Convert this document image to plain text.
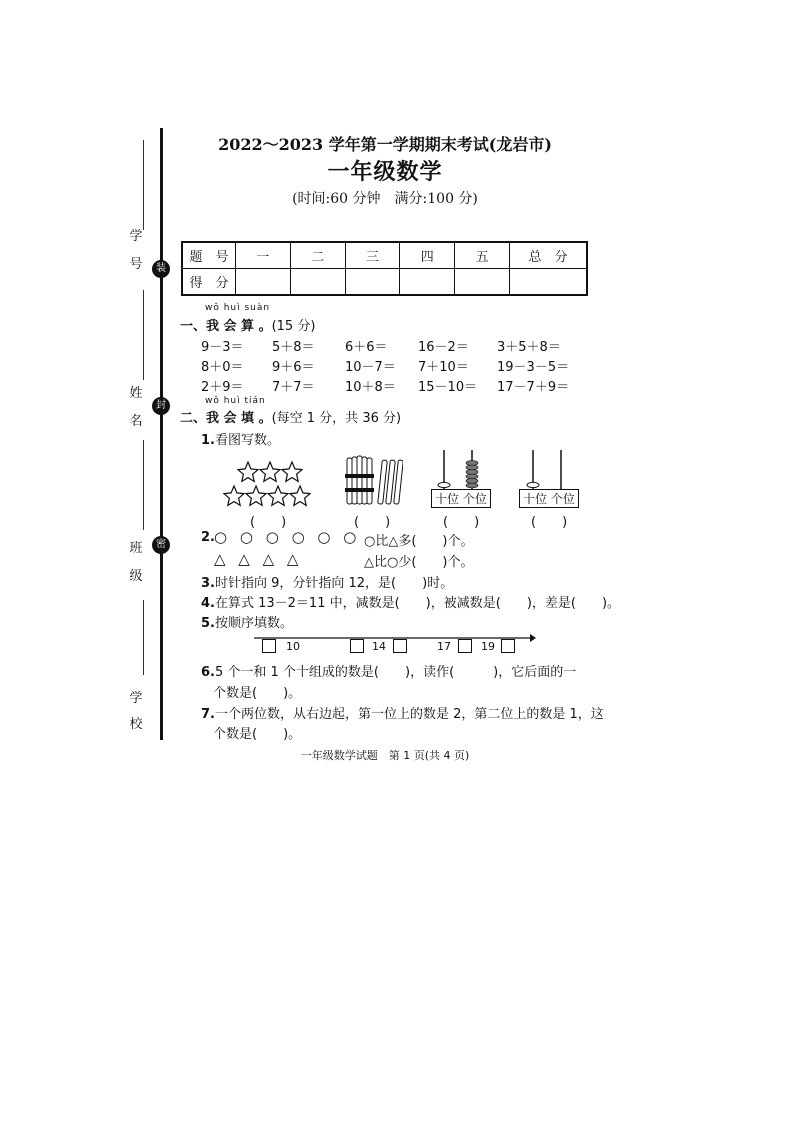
学
号	装
姓
名
封
班
级
密
学
校
2022～2023 学年第一学期期末考试(龙岩市)
一年级数学
(时间:60 分钟　满分:100 分)
题　号	一	二	三	四	五	总　分
得　分						
wǒ huì suàn
一、我 会 算 。(15 分)
9－3＝ 5＋8＝ 6＋6＝ 16－2＝ 3＋5＋8＝
8＋0＝ 9＋6＝ 10－7＝ 7＋10＝ 19－3－5＝
2＋9＝ 7＋7＝ 10＋8＝ 15－10＝ 17－7＋9＝
wǒ huì tián
二、我 会 填 。(每空 1 分，共 36 分)
1.看图写数。
(　　)	(　　)
十位 个位
(　　)
十位 个位
(　　)
2. ○ ○ ○ ○ ○ ○
△ △ △ △
○比△多(　　)个。
△比○少(　　)个。
3.时针指向 9，分针指向 12，是(　　)时。
4.在算式 13－2＝11 中，减数是(　　)，被减数是(　　)，差是(　　)。
5.按顺序填数。
10	14	17	19
6.5 个一和 1 个十组成的数是(　　)，读作(　　　)，它后面的一
个数是(　　)。
7.一个两位数，从右边起，第一位上的数是 2，第二位上的数是 1，这
个数是(　　)。
一年级数学试题　第 1 页(共 4 页)
